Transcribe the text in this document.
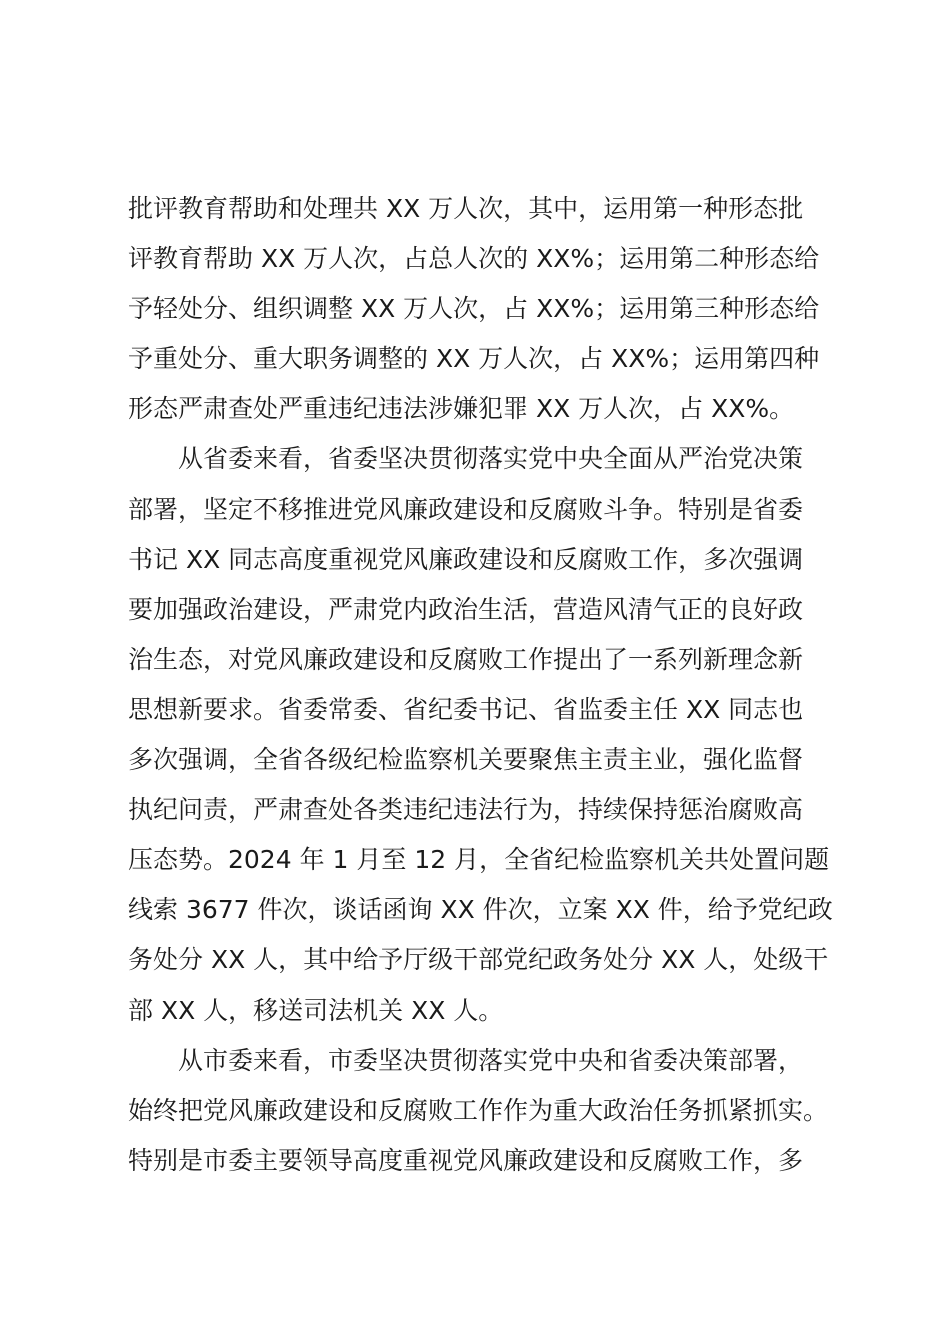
批评教育帮助和处理共 XX 万人次，其中，运用第一种形态批
评教育帮助 XX 万人次，占总人次的 XX%；运用第二种形态给
予轻处分、组织调整 XX 万人次，占 XX%；运用第三种形态给
予重处分、重大职务调整的 XX 万人次，占 XX%；运用第四种
形态严肃查处严重违纪违法涉嫌犯罪 XX 万人次，占 XX%。
从省委来看，省委坚决贯彻落实党中央全面从严治党决策
部署，坚定不移推进党风廉政建设和反腐败斗争。特别是省委
书记 XX 同志高度重视党风廉政建设和反腐败工作，多次强调
要加强政治建设，严肃党内政治生活，营造风清气正的良好政
治生态，对党风廉政建设和反腐败工作提出了一系列新理念新
思想新要求。省委常委、省纪委书记、省监委主任 XX 同志也
多次强调，全省各级纪检监察机关要聚焦主责主业，强化监督
执纪问责，严肃查处各类违纪违法行为，持续保持惩治腐败高
压态势。2024 年 1 月至 12 月，全省纪检监察机关共处置问题
线索 3677 件次，谈话函询 XX 件次，立案 XX 件，给予党纪政
务处分 XX 人，其中给予厅级干部党纪政务处分 XX 人，处级干
部 XX 人，移送司法机关 XX 人。
从市委来看，市委坚决贯彻落实党中央和省委决策部署，
始终把党风廉政建设和反腐败工作作为重大政治任务抓紧抓实。
特别是市委主要领导高度重视党风廉政建设和反腐败工作，多
